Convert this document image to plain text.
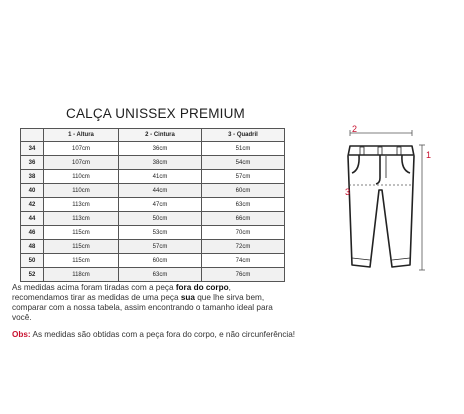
CALÇA UNISSEX PREMIUM
	1 - Altura	2 - Cintura	3 - Quadril
34	107cm	36cm	51cm
36	107cm	38cm	54cm
38	110cm	41cm	57cm
40	110cm	44cm	60cm
42	113cm	47cm	63cm
44	113cm	50cm	66cm
46	115cm	53cm	70cm
48	115cm	57cm	72cm
50	115cm	60cm	74cm
52	118cm	63cm	76cm
As medidas acima foram tiradas com a peça fora do corpo, recomendamos tirar as medidas de uma peça sua que lhe sirva bem, comparar com a nossa tabela, assim encontrando o tamanho ideal para você.
Obs: As medidas são obtidas com a peça fora do corpo, e não circunferência!
2
1
3
